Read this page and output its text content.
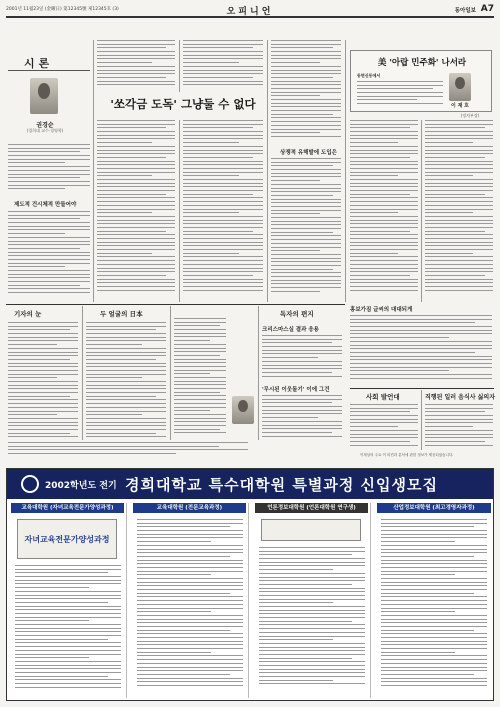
2001년 11월23일 (金曜日) 第12345號 제12345호 (3)	오피니언	동아일보 A7
시 론
권경순
(경희대 교수·경영학)
제도적 건시체적 만들어야
'쏘각금 도독' 그냥둘 수 없다
상쟁적 유해발에 도입은
美 '아랍 민주화' 나서라
동면신동에서
이 재 호
(정치부장)
기자의 눈	두 얼굴의 日本	독자의 편지
크리스마스실 결과 응용
'무시된 이웃돌기' 이에 그건
홍보가짐 글씨의 대대되게
사회 발언대	직행된 일러 음식사 싫의자
이재상의 주요 이 의견과 분석에 관한 정보가 제공되었습니다.
2002학년도 전기 경희대학교 특수대학원 특별과정 신입생모집
교육대학원 (자녀교육전문가양성과정)
자녀교육전문가양성과정
교육대학원 (전문교육과정)	언론정보대학원 (언론대학원 연구생)	산업정보대학원 (최고경영자과정)
